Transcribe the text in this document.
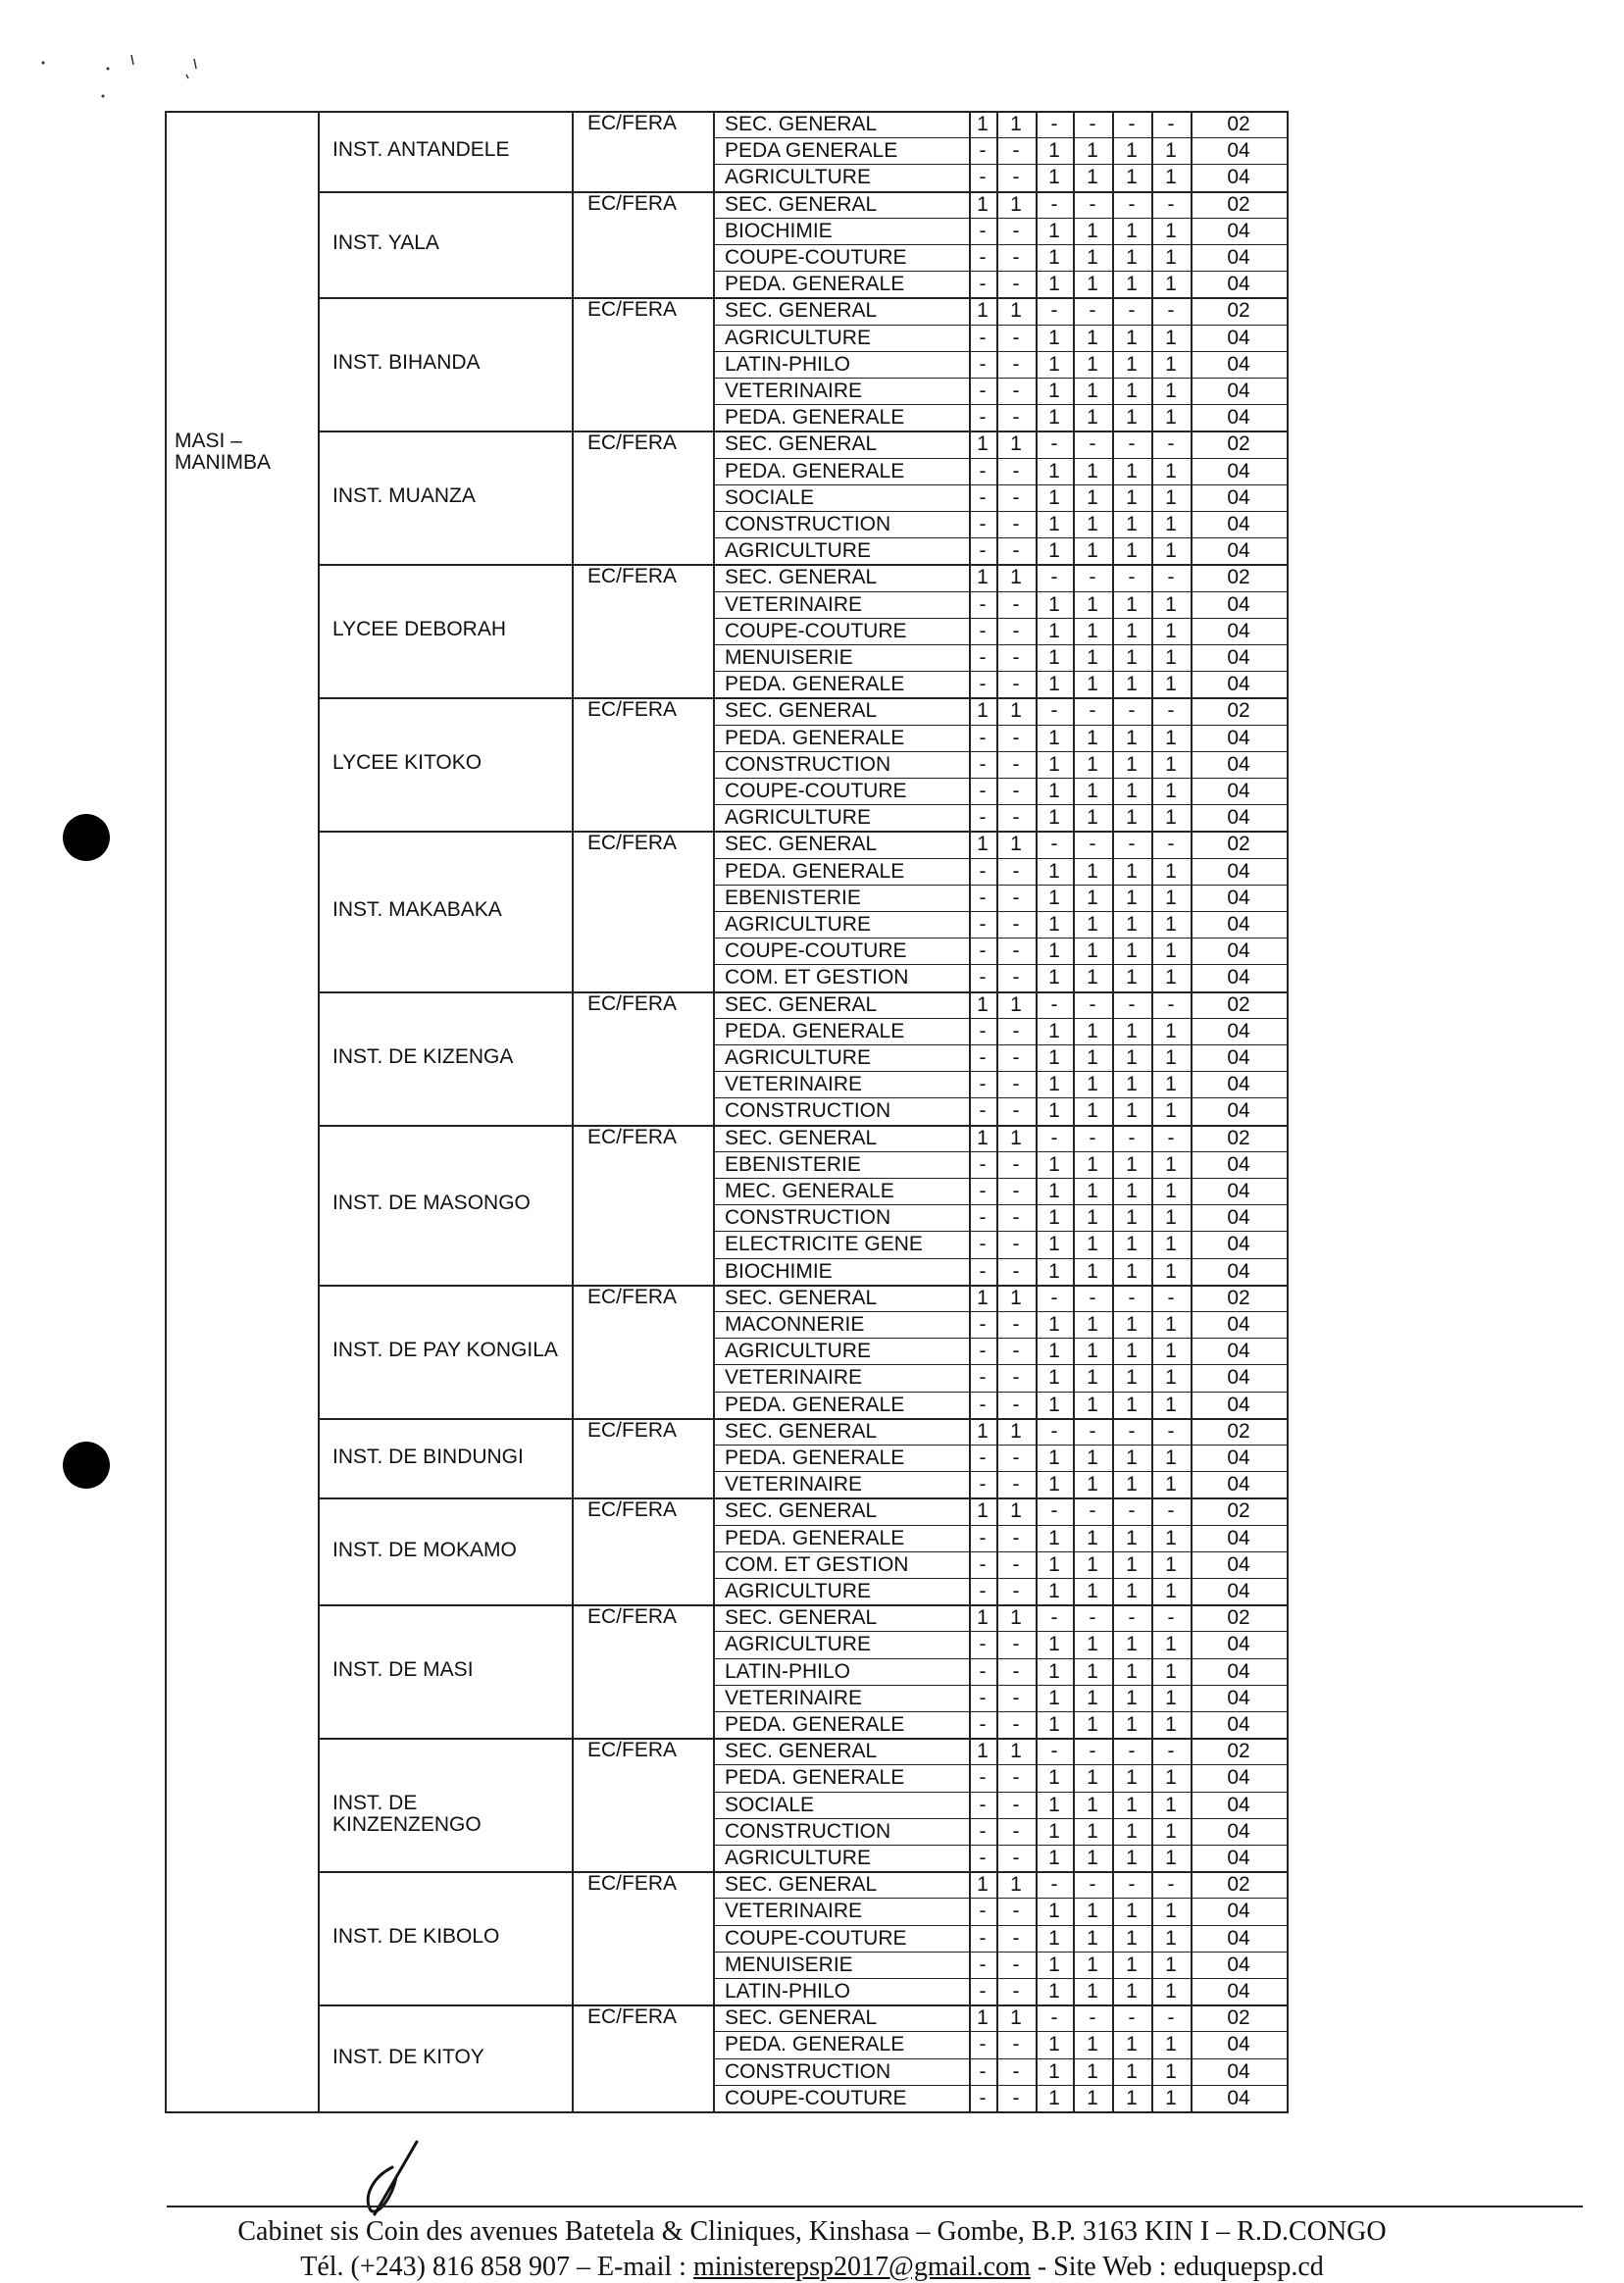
MASI – MANIMBA
INST. ANTANDELE
EC/FERA SEC. GENERAL	1	1	-	-	-	-	02
PEDA GENERALE	-	-	1	1	1	1	04
AGRICULTURE	-	-	1	1	1	1	04
INST. YALA
EC/FERA SEC. GENERAL	1	1	-	-	-	-	02
BIOCHIMIE	-	-	1	1	1	1	04
COUPE-COUTURE	-	-	1	1	1	1	04
PEDA. GENERALE	-	-	1	1	1	1	04
INST. BIHANDA
EC/FERA SEC. GENERAL	1	1	-	-	-	-	02
AGRICULTURE	-	-	1	1	1	1	04
LATIN-PHILO	-	-	1	1	1	1	04
VETERINAIRE	-	-	1	1	1	1	04
PEDA. GENERALE	-	-	1	1	1	1	04
INST. MUANZA
EC/FERA SEC. GENERAL	1	1	-	-	-	-	02
PEDA. GENERALE	-	-	1	1	1	1	04
SOCIALE	-	-	1	1	1	1	04
CONSTRUCTION	-	-	1	1	1	1	04
AGRICULTURE	-	-	1	1	1	1	04
LYCEE DEBORAH
EC/FERA SEC. GENERAL	1	1	-	-	-	-	02
VETERINAIRE	-	-	1	1	1	1	04
COUPE-COUTURE	-	-	1	1	1	1	04
MENUISERIE	-	-	1	1	1	1	04
PEDA. GENERALE	-	-	1	1	1	1	04
LYCEE KITOKO
EC/FERA SEC. GENERAL	1	1	-	-	-	-	02
PEDA. GENERALE	-	-	1	1	1	1	04
CONSTRUCTION	-	-	1	1	1	1	04
COUPE-COUTURE	-	-	1	1	1	1	04
AGRICULTURE	-	-	1	1	1	1	04
INST. MAKABAKA
EC/FERA SEC. GENERAL	1	1	-	-	-	-	02
PEDA. GENERALE	-	-	1	1	1	1	04
EBENISTERIE	-	-	1	1	1	1	04
AGRICULTURE	-	-	1	1	1	1	04
COUPE-COUTURE	-	-	1	1	1	1	04
COM. ET GESTION	-	-	1	1	1	1	04
INST. DE KIZENGA
EC/FERA SEC. GENERAL	1	1	-	-	-	-	02
PEDA. GENERALE	-	-	1	1	1	1	04
AGRICULTURE	-	-	1	1	1	1	04
VETERINAIRE	-	-	1	1	1	1	04
CONSTRUCTION	-	-	1	1	1	1	04
INST. DE MASONGO
EC/FERA SEC. GENERAL	1	1	-	-	-	-	02
EBENISTERIE	-	-	1	1	1	1	04
MEC. GENERALE	-	-	1	1	1	1	04
CONSTRUCTION	-	-	1	1	1	1	04
ELECTRICITE GENE	-	-	1	1	1	1	04
BIOCHIMIE	-	-	1	1	1	1	04
INST. DE PAY KONGILA
EC/FERA SEC. GENERAL	1	1	-	-	-	-	02
MACONNERIE	-	-	1	1	1	1	04
AGRICULTURE	-	-	1	1	1	1	04
VETERINAIRE	-	-	1	1	1	1	04
PEDA. GENERALE	-	-	1	1	1	1	04
INST. DE BINDUNGI
EC/FERA SEC. GENERAL	1	1	-	-	-	-	02
PEDA. GENERALE	-	-	1	1	1	1	04
VETERINAIRE	-	-	1	1	1	1	04
INST. DE MOKAMO
EC/FERA SEC. GENERAL	1	1	-	-	-	-	02
PEDA. GENERALE	-	-	1	1	1	1	04
COM. ET GESTION	-	-	1	1	1	1	04
AGRICULTURE	-	-	1	1	1	1	04
INST. DE MASI
EC/FERA SEC. GENERAL	1	1	-	-	-	-	02
AGRICULTURE	-	-	1	1	1	1	04
LATIN-PHILO	-	-	1	1	1	1	04
VETERINAIRE	-	-	1	1	1	1	04
PEDA. GENERALE	-	-	1	1	1	1	04
INST. DE KINZENZENGO
EC/FERA SEC. GENERAL	1	1	-	-	-	-	02
PEDA. GENERALE	-	-	1	1	1	1	04
SOCIALE	-	-	1	1	1	1	04
CONSTRUCTION	-	-	1	1	1	1	04
AGRICULTURE	-	-	1	1	1	1	04
INST. DE KIBOLO
EC/FERA SEC. GENERAL	1	1	-	-	-	-	02
VETERINAIRE	-	-	1	1	1	1	04
COUPE-COUTURE	-	-	1	1	1	1	04
MENUISERIE	-	-	1	1	1	1	04
LATIN-PHILO	-	-	1	1	1	1	04
INST. DE KITOY
EC/FERA SEC. GENERAL	1	1	-	-	-	-	02
PEDA. GENERALE	-	-	1	1	1	1	04
CONSTRUCTION	-	-	1	1	1	1	04
COUPE-COUTURE	-	-	1	1	1	1	04
Cabinet sis Coin des avenues Batetela & Cliniques, Kinshasa – Gombe, B.P. 3163 KIN I – R.D.CONGO
Tél. (+243) 816 858 907 – E-mail : ministerepsp2017@gmail.com - Site Web : eduquepsp.cd
